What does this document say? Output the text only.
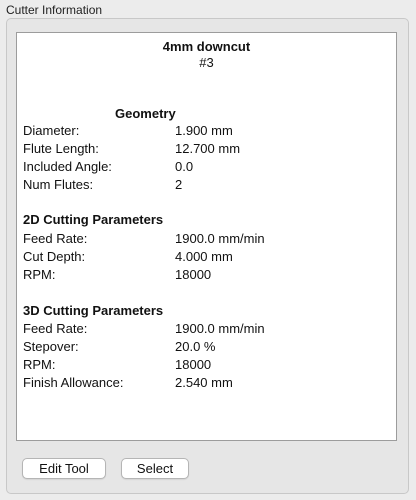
Cutter Information
4mm downcut
#3
Geometry
Diameter:	1.900 mm
Flute Length:	12.700 mm
Included Angle:	0.0
Num Flutes:	2
2D Cutting Parameters
Feed Rate:	1900.0 mm/min
Cut Depth:	4.000 mm
RPM:	18000
3D Cutting Parameters
Feed Rate:	1900.0 mm/min
Stepover:	20.0 %
RPM:	18000
Finish Allowance:	2.540 mm
Edit Tool	Select
